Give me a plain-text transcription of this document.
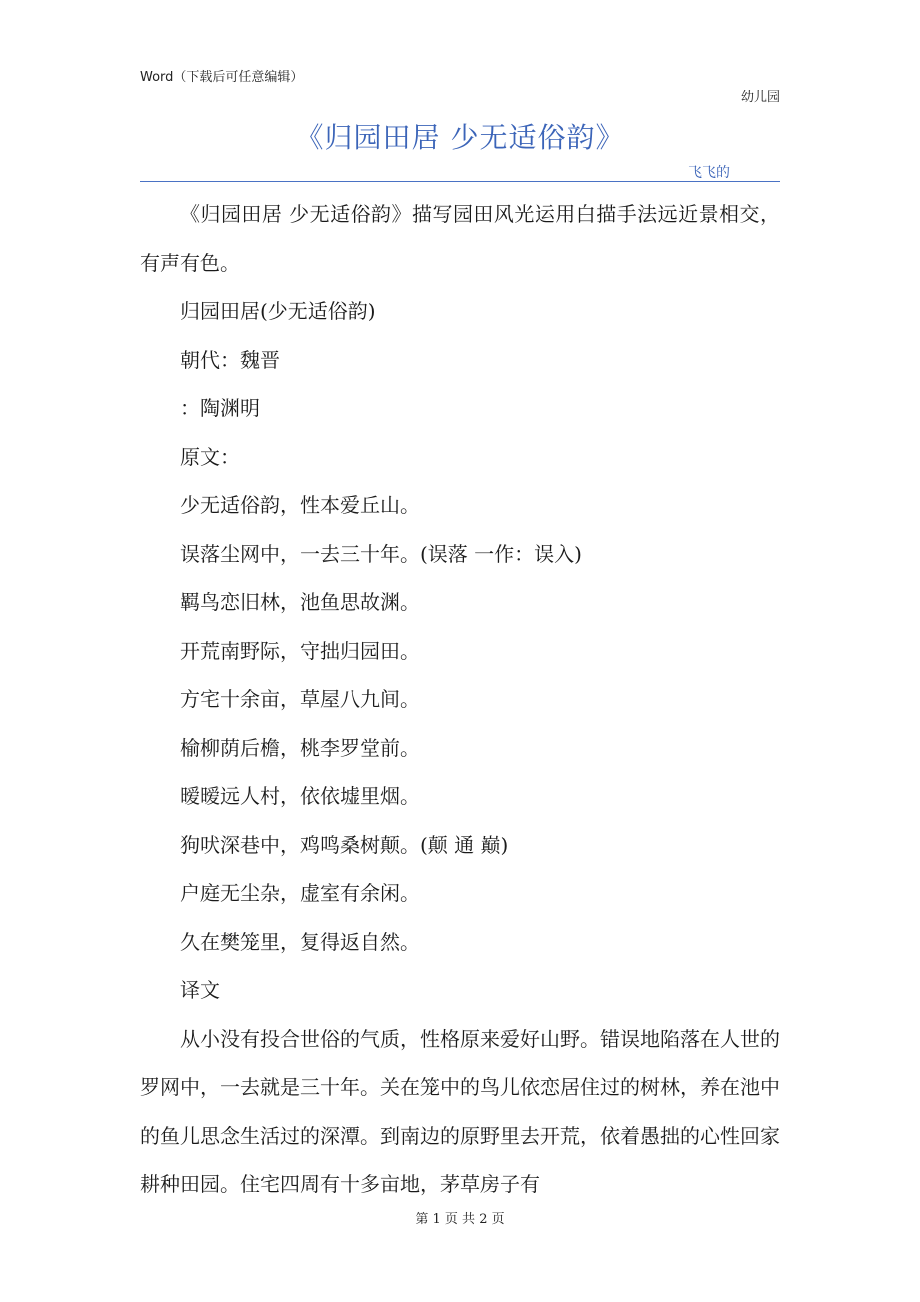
Word（下载后可任意编辑）
幼儿园
《归园田居 少无适俗韵》
飞飞的

《归园田居 少无适俗韵》描写园田风光运用白描手法远近景相交，有声有色。

归园田居(少无适俗韵)

朝代：魏晋

：陶渊明

原文：

少无适俗韵，性本爱丘山。

误落尘网中，一去三十年。(误落 一作：误入)

羁鸟恋旧林，池鱼思故渊。

开荒南野际，守拙归园田。

方宅十余亩，草屋八九间。

榆柳荫后檐，桃李罗堂前。

暧暧远人村，依依墟里烟。

狗吠深巷中，鸡鸣桑树颠。(颠 通 巅)

户庭无尘杂，虚室有余闲。

久在樊笼里，复得返自然。

译文

从小没有投合世俗的气质，性格原来爱好山野。错误地陷落在人世的罗网中，一去就是三十年。关在笼中的鸟儿依恋居住过的树林，养在池中的鱼儿思念生活过的深潭。到南边的原野里去开荒，依着愚拙的心性回家耕种田园。住宅四周有十多亩地，茅草房子有

第 1 页 共 2 页
